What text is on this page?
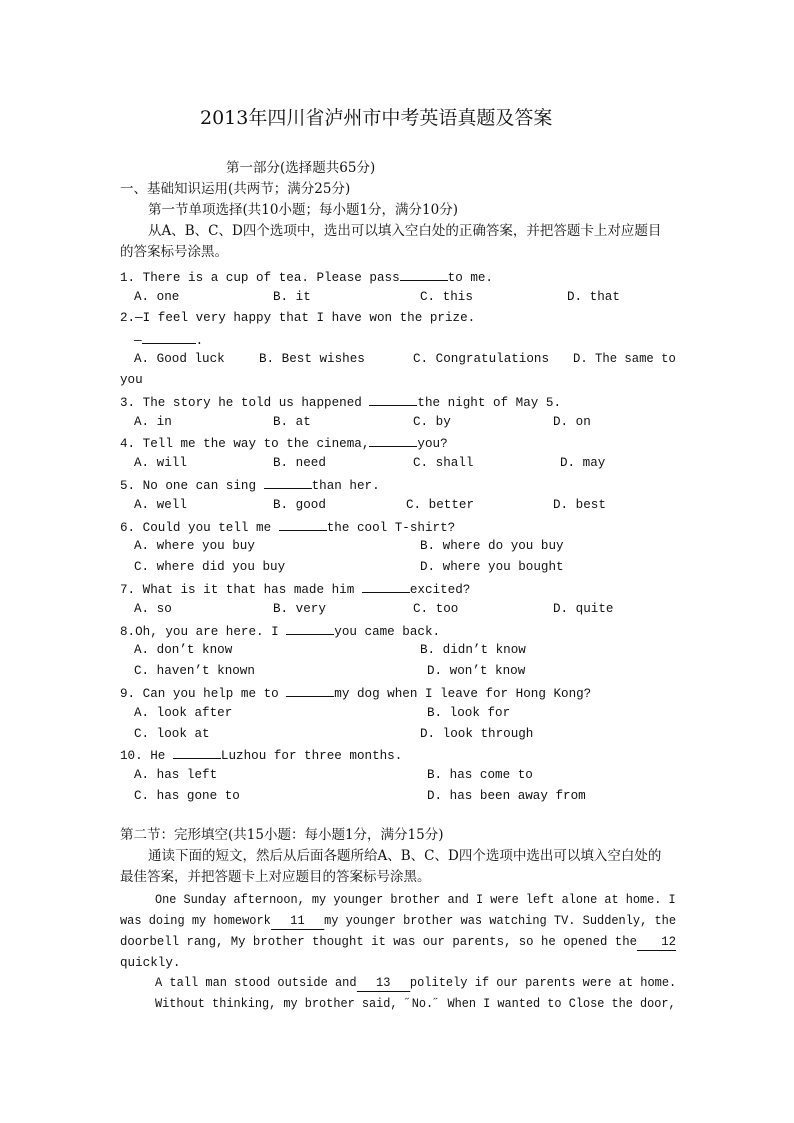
2013年四川省泸州市中考英语真题及答案

第一部分(选择题共65分)

一、基础知识运用(共两节；满分25分)

第一节单项选择(共10小题；每小题1分，满分10分)

从A、B、C、D四个选项中，选出可以填入空白处的正确答案，并把答题卡上对应题目

的答案标号涂黑。

1. There is a cup of tea. Please pass	to me.

A. one

	B. it

	C. this

	D. that

2.—I feel very happy that I have won the prize.

—	.

A. Good luck

	B. Best wishes

	C. Congratulations

D. The same to

you

3. The story he told us happened	the night of May 5.

A. in

	B. at

	C. by

	D. on

4. Tell me the way to the cinema,	you?

A. will

	B. need

	C. shall

	D. may

5. No one can sing	than her.

A. well

	B. good

	C. better

	D. best

6. Could you tell me	the cool T-shirt?

A. where you buy

	B. where do you buy

C. where did you buy

	D. where you bought

7. What is it that has made him	excited?

A. so

	B. very

	C. too

	D. quite

8.Oh, you are here. I	you came back.

A. don’t know

	B. didn’t know

C. haven’t known

	D. won’t know

9. Can you help me to	my dog when I leave for Hong Kong?

A. look after

	B. look for

C. look at

	D. look through

10. He	Luzhou for three months.

A. has left

	B. has come to

C. has gone to

	D. has been away from

第二节：完形填空(共15小题：每小题1分，满分15分)

通读下面的短文，然后从后面各题所给A、B、C、D四个选项中选出可以填入空白处的

最佳答案，并把答题卡上对应题目的答案标号涂黑。

One Sunday afternoon, my younger brother and I were left alone at home. I

was doing my homework 11 my younger brother was watching TV. Suddenly, the

doorbell rang, My brother thought it was our parents, so he opened the 12

quickly.

A tall man stood outside and 13 politely if our parents were at home.

Without thinking, my brother said, ˝No.˝ When I wanted to Close the door,
